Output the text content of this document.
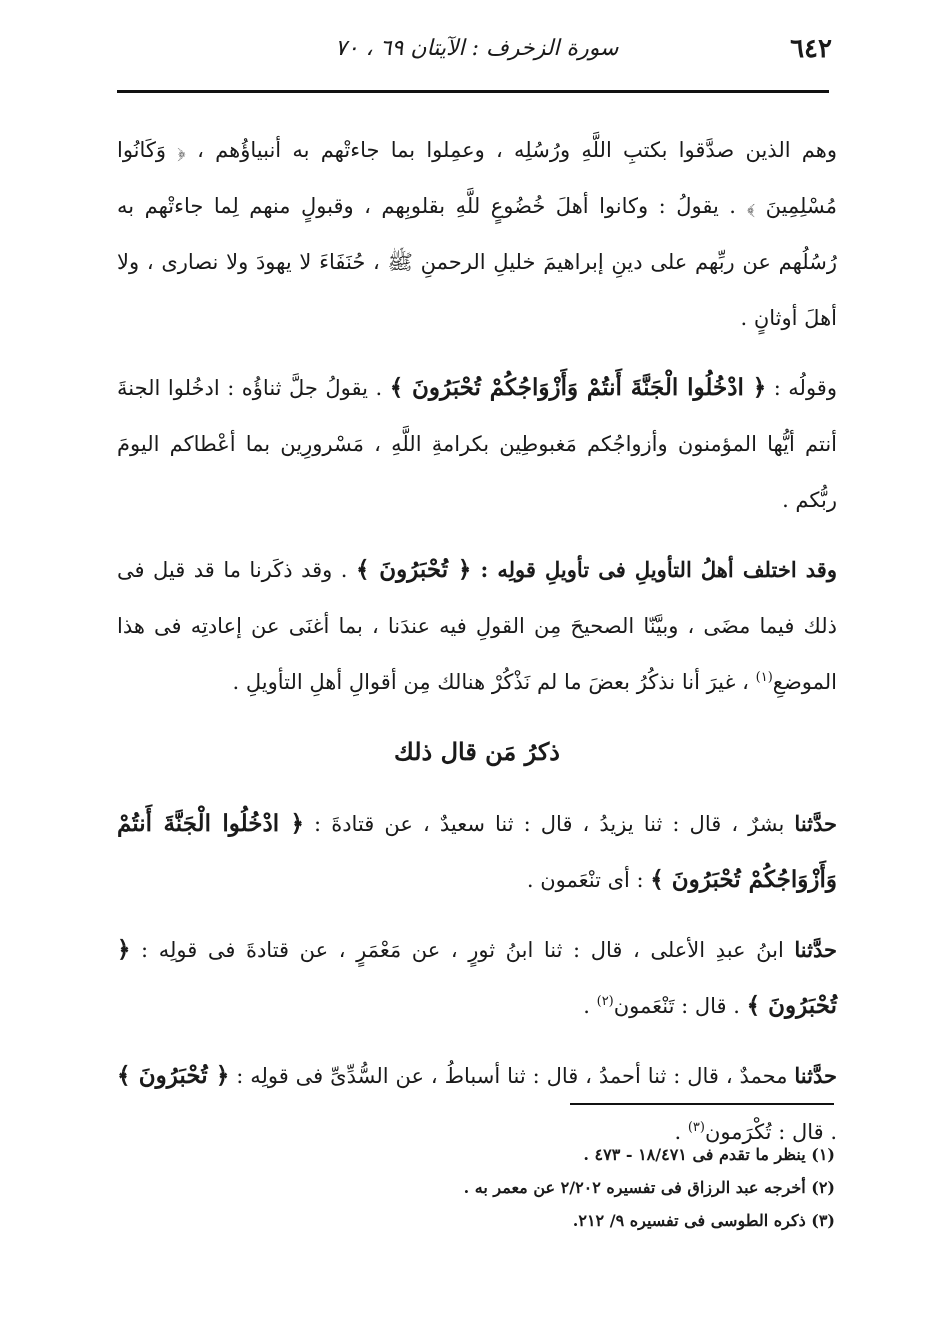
٦٤٢
سورة الزخرف : الآيتان ٦٩ ، ٧٠

وهم الذين صدَّقوا بكتبِ اللَّهِ ورُسُلِه ، وعمِلوا بما جاءتْهم به أنبياؤُهم ، ﴿ وَكَانُوا مُسْلِمِينَ ﴾ . يقولُ : وكانوا أهلَ خُضُوعٍ للَّهِ بقلوبِهم ، وقبولٍ منهم لِما جاءتْهم به رُسُلُهم عن ربِّهم على دينِ إبراهيمَ خليلِ الرحمنِ ﷺ ، حُنَفَاءَ لا يهودَ ولا نصارى ، ولا أهلَ أوثانٍ .

وقولُه : ﴿ ادْخُلُوا الْجَنَّةَ أَنتُمْ وَأَزْوَاجُكُمْ تُحْبَرُونَ ﴾ . يقولُ جلَّ ثناؤُه : ادخُلوا الجنةَ أنتم أيُّها المؤمنون وأزواجُكم مَغبوطِين بكرامةِ اللَّهِ ، مَسْرورِين بما أعْطاكم اليومَ ربُّكم .

وقد اختلف أهلُ التأويلِ فى تأويلِ قولِه : ﴿ تُحْبَرُونَ ﴾ . وقد ذكَرنا ما قد قيل فى ذلك فيما مضَى ، وبيَّنّا الصحيحَ مِن القولِ فيه عندَنا ، بما أغنَى عن إعادتِه فى هذا الموضعِ$^{(١)}$ ، غيرَ أنا نذكُرُ بعضَ ما لم نَذْكُرْ هنالك مِن أقوالِ أهلِ التأويلِ .

ذكرُ مَن قال ذلك

حدَّثنا بشرٌ ، قال : ثنا يزيدُ ، قال : ثنا سعيدٌ ، عن قتادةَ : ﴿ ادْخُلُوا الْجَنَّةَ أَنتُمْ وَأَزْوَاجُكُمْ تُحْبَرُونَ ﴾ : أى تنْعَمون .

حدَّثنا ابنُ عبدِ الأعلى ، قال : ثنا ابنُ ثورٍ ، عن مَعْمَرٍ ، عن قتادةَ فى قولِه : ﴿ تُحْبَرُونَ ﴾ . قال : تَنْعَمون$^{(٢)}$ .

حدَّثنا محمدٌ ، قال : ثنا أحمدُ ، قال : ثنا أسباطُ ، عن السُّدِّىِّ فى قولِه : ﴿ تُحْبَرُونَ ﴾ . قال : تُكْرَمون$^{(٣)}$ .

(١) ينظر ما تقدم فى ١٨/٤٧١ - ٤٧٣ .
(٢) أخرجه عبد الرزاق فى تفسيره ٢/٢٠٢ عن معمر به .
(٣) ذكره الطوسى فى تفسيره ٩/ ٢١٢.
